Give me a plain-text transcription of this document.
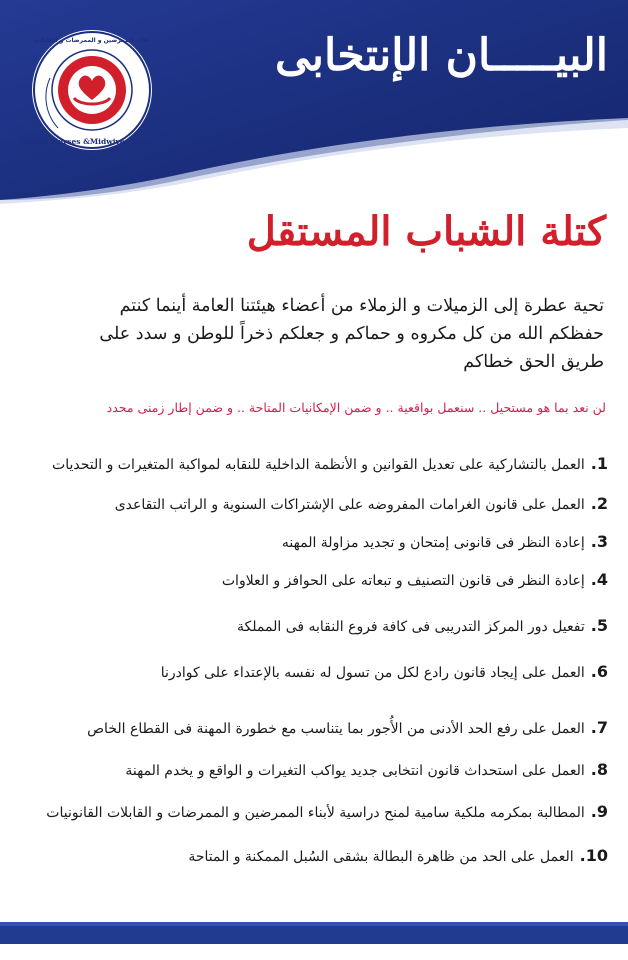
Jordan Nurses &Midwives Council
نقابة الممرضين و الممرضات و القابلات	البيـــــان الإنتخابى
كتلة الشباب المستقل
تحية عطرة إلى الزميلات و الزملاء من أعضاء هيئتنا العامة أينما كنتم
حفظكم الله من كل مكروه و حماكم و جعلكم ذخراً للوطن و سدد على
طريق الحق خطاكم
لن نعد بما هو مستحيل .. سنعمل بواقعية .. و ضمن الإمكانيات المتاحة .. و ضمن إطار زمنى محدد
1.العمل بالتشاركية على تعديل القوانين و الأنظمة الداخلية للنقابه لمواكبة المتغيرات و التحديات
2.العمل على قانون الغرامات المفروضه على الإشتراكات السنوية و الراتب التقاعدى
3.إعادة النظر فى قانونى إمتحان و تجديد مزاولة المهنه
4.إعادة النظر فى قانون التصنيف و تبعاته على الحوافز و العلاوات
5.تفعيل دور المركز التدريبى فى كافة فروع النقابه فى المملكة
6.العمل على إيجاد قانون رادع لكل من تسول له نفسه بالإعتداء على كوادرنا
7.العمل على رفع الحد الأدنى من الأُجور بما يتناسب مع خطورة المهنة فى القطاع الخاص
8.العمل على استحداث قانون انتخابى جديد يواكب التغيرات و الواقع و يخدم المهنة
9.المطالبة بمكرمه ملكية سامية لمنح دراسية لأبناء الممرضين و الممرضات و القابلات القانونيات
10.العمل على الحد من ظاهرة البطالة بشقى السُبل الممكنة و المتاحة
